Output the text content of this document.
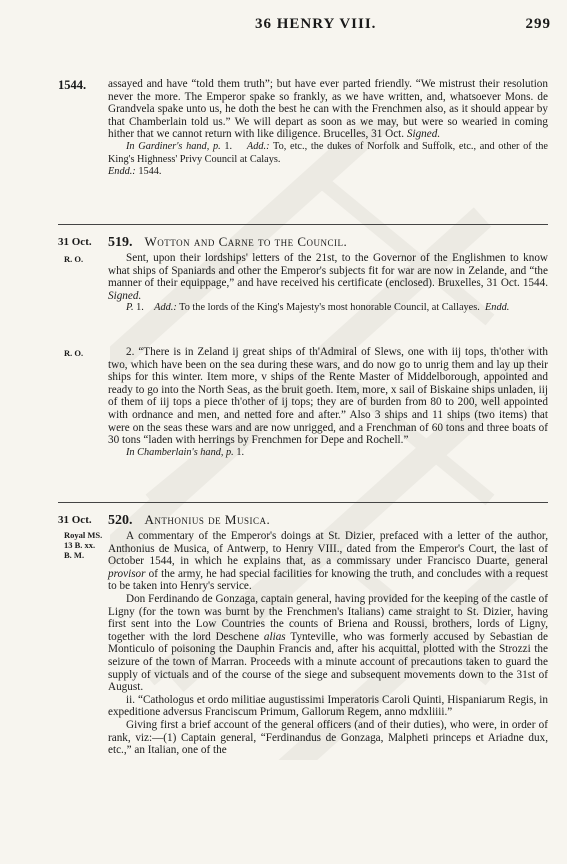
36 HENRY VIII.	299
1544. assayed and have “told them truth”; but have ever parted friendly. “We mistrust their resolution never the more. The Emperor spake so frankly, as we have written, and, whatsoever Mons. de Grandvela spake unto us, he doth the best he can with the Frenchmen also, as it should appear by that Chamberlain told us.” We will depart as soon as we may, but were so wearied in coming hither that we cannot return with like diligence. Brucelles, 31 Oct. Signed.

In Gardiner's hand, p. 1. Add.: To, etc., the dukes of Norfolk and Suffolk, etc., and other of the King's Highness' Privy Council at Calays.

Endd.: 1544.

31 Oct.
R. O.
519. Wotton and Carne to the Council.

Sent, upon their lordships' letters of the 21st, to the Governor of the Englishmen to know what ships of Spaniards and other the Emperor's subjects fit for war are now in Zelande, and “the manner of their equippage,” and have received his certificate (enclosed). Bruxelles, 31 Oct. 1544. Signed.

P. 1. Add.: To the lords of the King's Majesty's most honorable Council, at Callayes. Endd.

R. O.	2. “There is in Zeland ij great ships of th'Admiral of Slews, one with iij tops, th'other with two, which have been on the sea during these wars, and do now go to unrig them and lay up their ships for this winter. Item more, v ships of the Rente Master of Middelborough, appointed and ready to go into the North Seas, as the bruit goeth. Item, more, x sail of Biskaine ships unladen, iij of them of iij tops a piece th'other of ij tops; they are of burden from 80 to 200, well appointed with ordnance and men, and netted fore and after.” Also 3 ships and 11 ships (two items) that were on the seas these wars and are now unrigged, and a Frenchman of 60 tons and three boats of 30 tons “laden with herrings by Frenchmen for Depe and Rochell.”

In Chamberlain's hand, p. 1.

31 Oct.
Royal MS.
13 B. xx.
B. M.
520. Anthonius de Musica.

A commentary of the Emperor's doings at St. Dizier, prefaced with a letter of the author, Anthonius de Musica, of Antwerp, to Henry VIII., dated from the Emperor's Court, the last of October 1544, in which he explains that, as a commissary under Francisco Duarte, general provisor of the army, he had special facilities for knowing the truth, and concludes with a request to be taken into Henry's service.

Don Ferdinando de Gonzaga, captain general, having provided for the keeping of the castle of Ligny (for the town was burnt by the Frenchmen's Italians) came straight to St. Dizier, having first sent into the Low Countries the counts of Briena and Roussi, brothers, lords of Ligny, together with the lord Deschene alias Tynteville, who was formerly accused by Sebastian de Monticulo of poisoning the Dauphin Francis and, after his acquittal, plotted with the Strozzi the seizure of the town of Marran. Proceeds with a minute account of precautions taken to guard the supply of victuals and of the course of the siege and subsequent movements down to the 31st of August.

ii. “Cathologus et ordo militiae augustissimi Imperatoris Caroli Quinti, Hispaniarum Regis, in expeditione adversus Franciscum Primum, Gallorum Regem, anno mdxliiii.”

Giving first a brief account of the general officers (and of their duties), who were, in order of rank, viz:—(1) Captain general, “Ferdinandus de Gonzaga, Malpheti princeps et Ariadne dux, etc.,” an Italian, one of the
